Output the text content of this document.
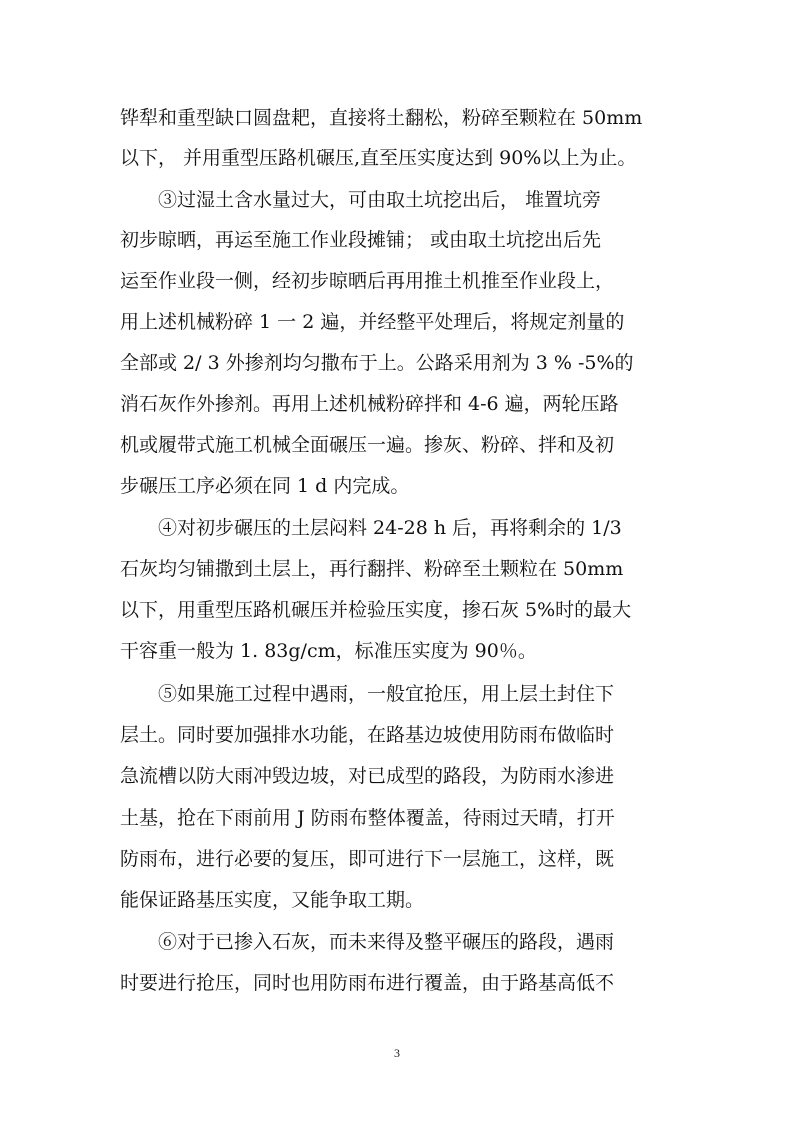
铧犁和重型缺口圆盘耙，直接将土翻松，粉碎至颗粒在 50mm
以下， 并用重型压路机碾压,直至压实度达到 90%以上为止。
③过湿土含水量过大，可由取土坑挖出后， 堆置坑旁
初步晾晒，再运至施工作业段摊铺； 或由取土坑挖出后先
运至作业段一侧，经初步晾晒后再用推土机推至作业段上，
用上述机械粉碎 1 一 2 遍，并经整平处理后，将规定剂量的
全部或 2/ 3 外掺剂均匀撒布于上。公路采用剂为 3 % -5%的
消石灰作外掺剂。再用上述机械粉碎拌和 4-6 遍，两轮压路
机或履带式施工机械全面碾压一遍。掺灰、粉碎、拌和及初
步碾压工序必须在同 1 d 内完成。
④对初步碾压的土层闷料 24-28 h 后，再将剩余的 1/3
石灰均匀铺撒到土层上，再行翻拌、粉碎至土颗粒在 50mm
以下，用重型压路机碾压并检验压实度，掺石灰 5%时的最大
干容重一般为 1. 83g/cm，标准压实度为 90％。
⑤如果施工过程中遇雨，一般宜抢压，用上层土封住下
层土。同时要加强排水功能，在路基边坡使用防雨布做临时
急流槽以防大雨冲毁边坡，对已成型的路段，为防雨水渗进
土基，抢在下雨前用 J 防雨布整体覆盖，待雨过天晴，打开
防雨布，进行必要的复压，即可进行下一层施工，这样，既
能保证路基压实度，又能争取工期。
⑥对于已掺入石灰，而未来得及整平碾压的路段，遇雨
时要进行抢压，同时也用防雨布进行覆盖，由于路基高低不
3
